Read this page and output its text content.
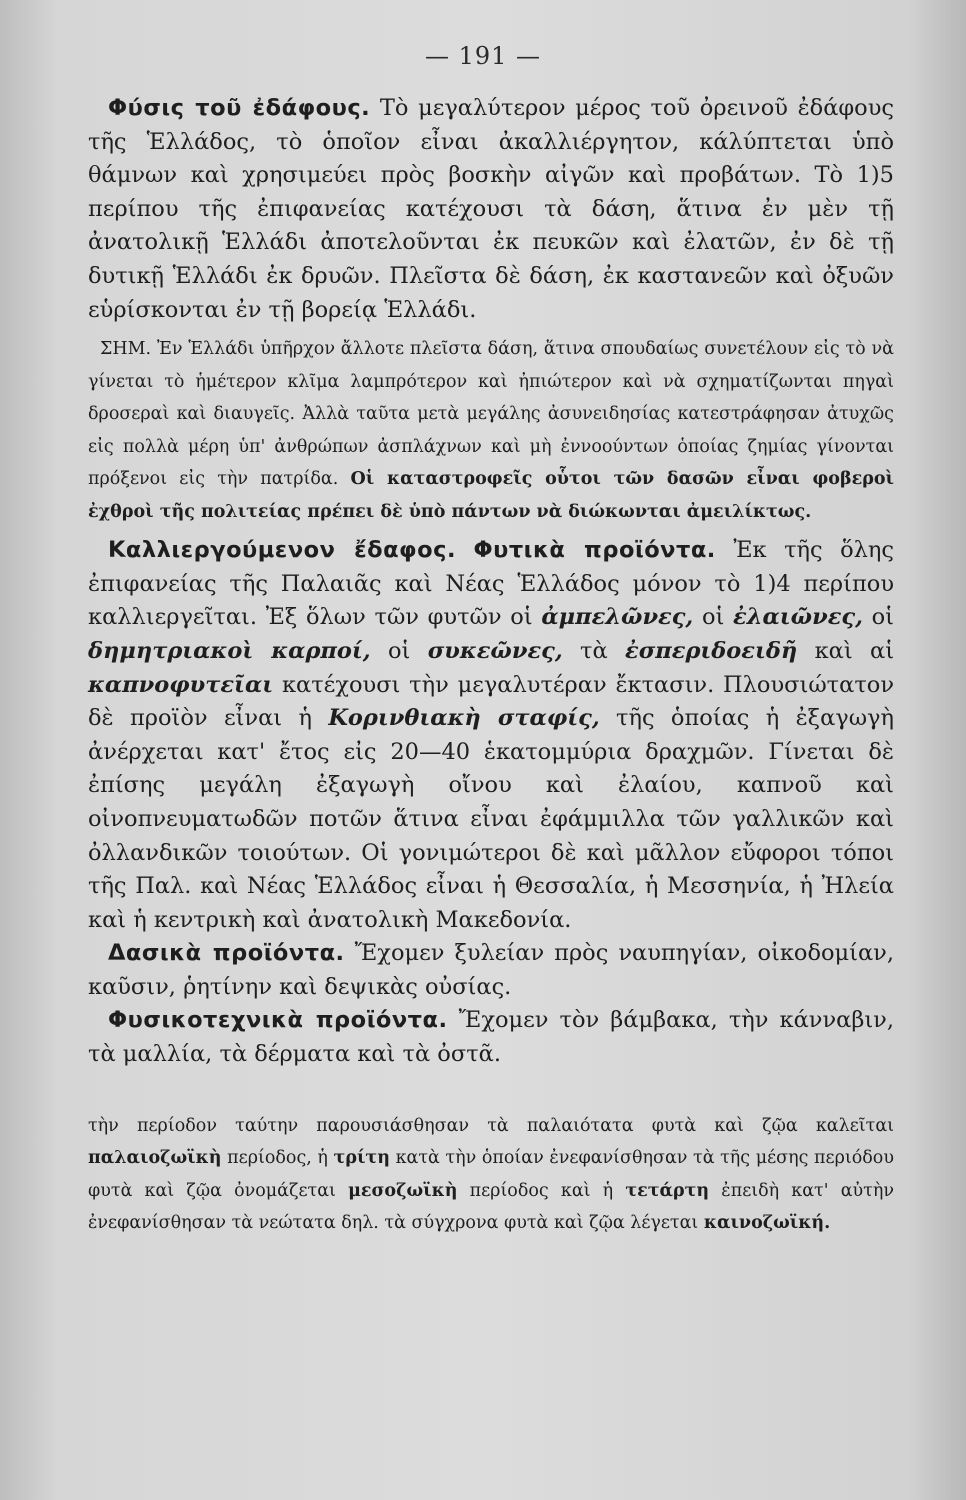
— 191 —

Φύσις τοῦ ἐδάφους. Τὸ μεγαλύτερον μέρος τοῦ ὀρεινοῦ ἐδάφους τῆς Ἑλλάδος, τὸ ὁποῖον εἶναι ἀκαλλιέργητον, κάλύπτεται ὑπὸ θάμνων καὶ χρησιμεύει πρὸς βοσκὴν αἰγῶν καὶ προβάτων. Τὸ 1)5 περίπου τῆς ἐπιφανείας κατέχουσι τὰ δάση, ἅτινα ἐν μὲν τῇ ἀνατολικῇ Ἑλλάδι ἀποτελοῦνται ἐκ πευκῶν καὶ ἐλατῶν, ἐν δὲ τῇ δυτικῇ Ἑλλάδι ἐκ δρυῶν. Πλεῖστα δὲ δάση, ἐκ καστανεῶν καὶ ὀξυῶν εὑρίσκονται ἐν τῇ βορείᾳ Ἑλλάδι.

ΣΗΜ. Ἐν Ἑλλάδι ὑπῆρχον ἄλλοτε πλεῖστα δάση, ἅτινα σπουδαίως συνετέλουν εἰς τὸ νὰ γίνεται τὸ ἡμέτερον κλῖμα λαμπρότερον καὶ ἠπιώτερον καὶ νὰ σχηματίζωνται πηγαὶ δροσεραὶ καὶ διαυγεῖς. Ἀλλὰ ταῦτα μετὰ μεγάλης ἀσυνειδησίας κατεστράφησαν ἀτυχῶς εἰς πολλὰ μέρη ὑπ' ἀνθρώπων ἀσπλάχνων καὶ μὴ ἐννοούντων ὁποίας ζημίας γίνονται πρόξενοι εἰς τὴν πατρίδα. Οἱ καταστροφεῖς οὗτοι τῶν δασῶν εἶναι φοβεροὶ ἐχθροὶ τῆς πολιτείας πρέπει δὲ ὑπὸ πάντων νὰ διώκωνται ἀμειλίκτως.

Καλλιεργούμενον ἔδαφος. Φυτικὰ προϊόντα. Ἐκ τῆς ὅλης ἐπιφανείας τῆς Παλαιᾶς καὶ Νέας Ἑλλάδος μόνον τὸ 1)4 περίπου καλλιεργεῖται. Ἐξ ὅλων τῶν φυτῶν οἱ ἀμπελῶνες, οἱ ἐλαιῶνες, οἱ δημητριακοὶ καρποί, οἱ συκεῶνες, τὰ ἐσπεριδοειδῆ καὶ αἱ καπνοφυτεῖαι κατέχουσι τὴν μεγαλυτέραν ἔκτασιν. Πλουσιώτατον δὲ προϊὸν εἶναι ἡ Κορινθιακὴ σταφίς, τῆς ὁποίας ἡ ἐξαγωγὴ ἀνέρχεται κατ' ἔτος εἰς 20—40 ἑκατομμύρια δραχμῶν. Γίνεται δὲ ἐπίσης μεγάλη ἐξαγωγὴ οἴνου καὶ ἐλαίου, καπνοῦ καὶ οἰνοπνευματωδῶν ποτῶν ἅτινα εἶναι ἐφάμμιλλα τῶν γαλλικῶν καὶ ὀλλανδικῶν τοιούτων. Οἱ γονιμώτεροι δὲ καὶ μᾶλλον εὔφοροι τόποι τῆς Παλ. καὶ Νέας Ἑλλάδος εἶναι ἡ Θεσσαλία, ἡ Μεσσηνία, ἡ Ἠλεία καὶ ἡ κεντρικὴ καὶ ἀνατολικὴ Μακεδονία.

Δασικὰ προϊόντα. Ἔχομεν ξυλείαν πρὸς ναυπηγίαν, οἰκοδομίαν, καῦσιν, ῥητίνην καὶ δεψικὰς οὐσίας.

Φυσικοτεχνικὰ προϊόντα. Ἔχομεν τὸν βάμβακα, τὴν κάνναβιν, τὰ μαλλία, τὰ δέρματα καὶ τὰ ὀστᾶ.

τὴν περίοδον ταύτην παρουσιάσθησαν τὰ παλαιότατα φυτὰ καὶ ζῷα καλεῖται παλαιοζωϊκὴ περίοδος, ἡ τρίτη κατὰ τὴν ὁποίαν ἐνεφανίσθησαν τὰ τῆς μέσης περιόδου φυτὰ καὶ ζῷα ὀνομάζεται μεσοζωϊκὴ περίοδος καὶ ἡ τετάρτη ἐπειδὴ κατ' αὐτὴν ἐνεφανίσθησαν τὰ νεώτατα δηλ. τὰ σύγχρονα φυτὰ καὶ ζῷα λέγεται καινοζωϊκή.
